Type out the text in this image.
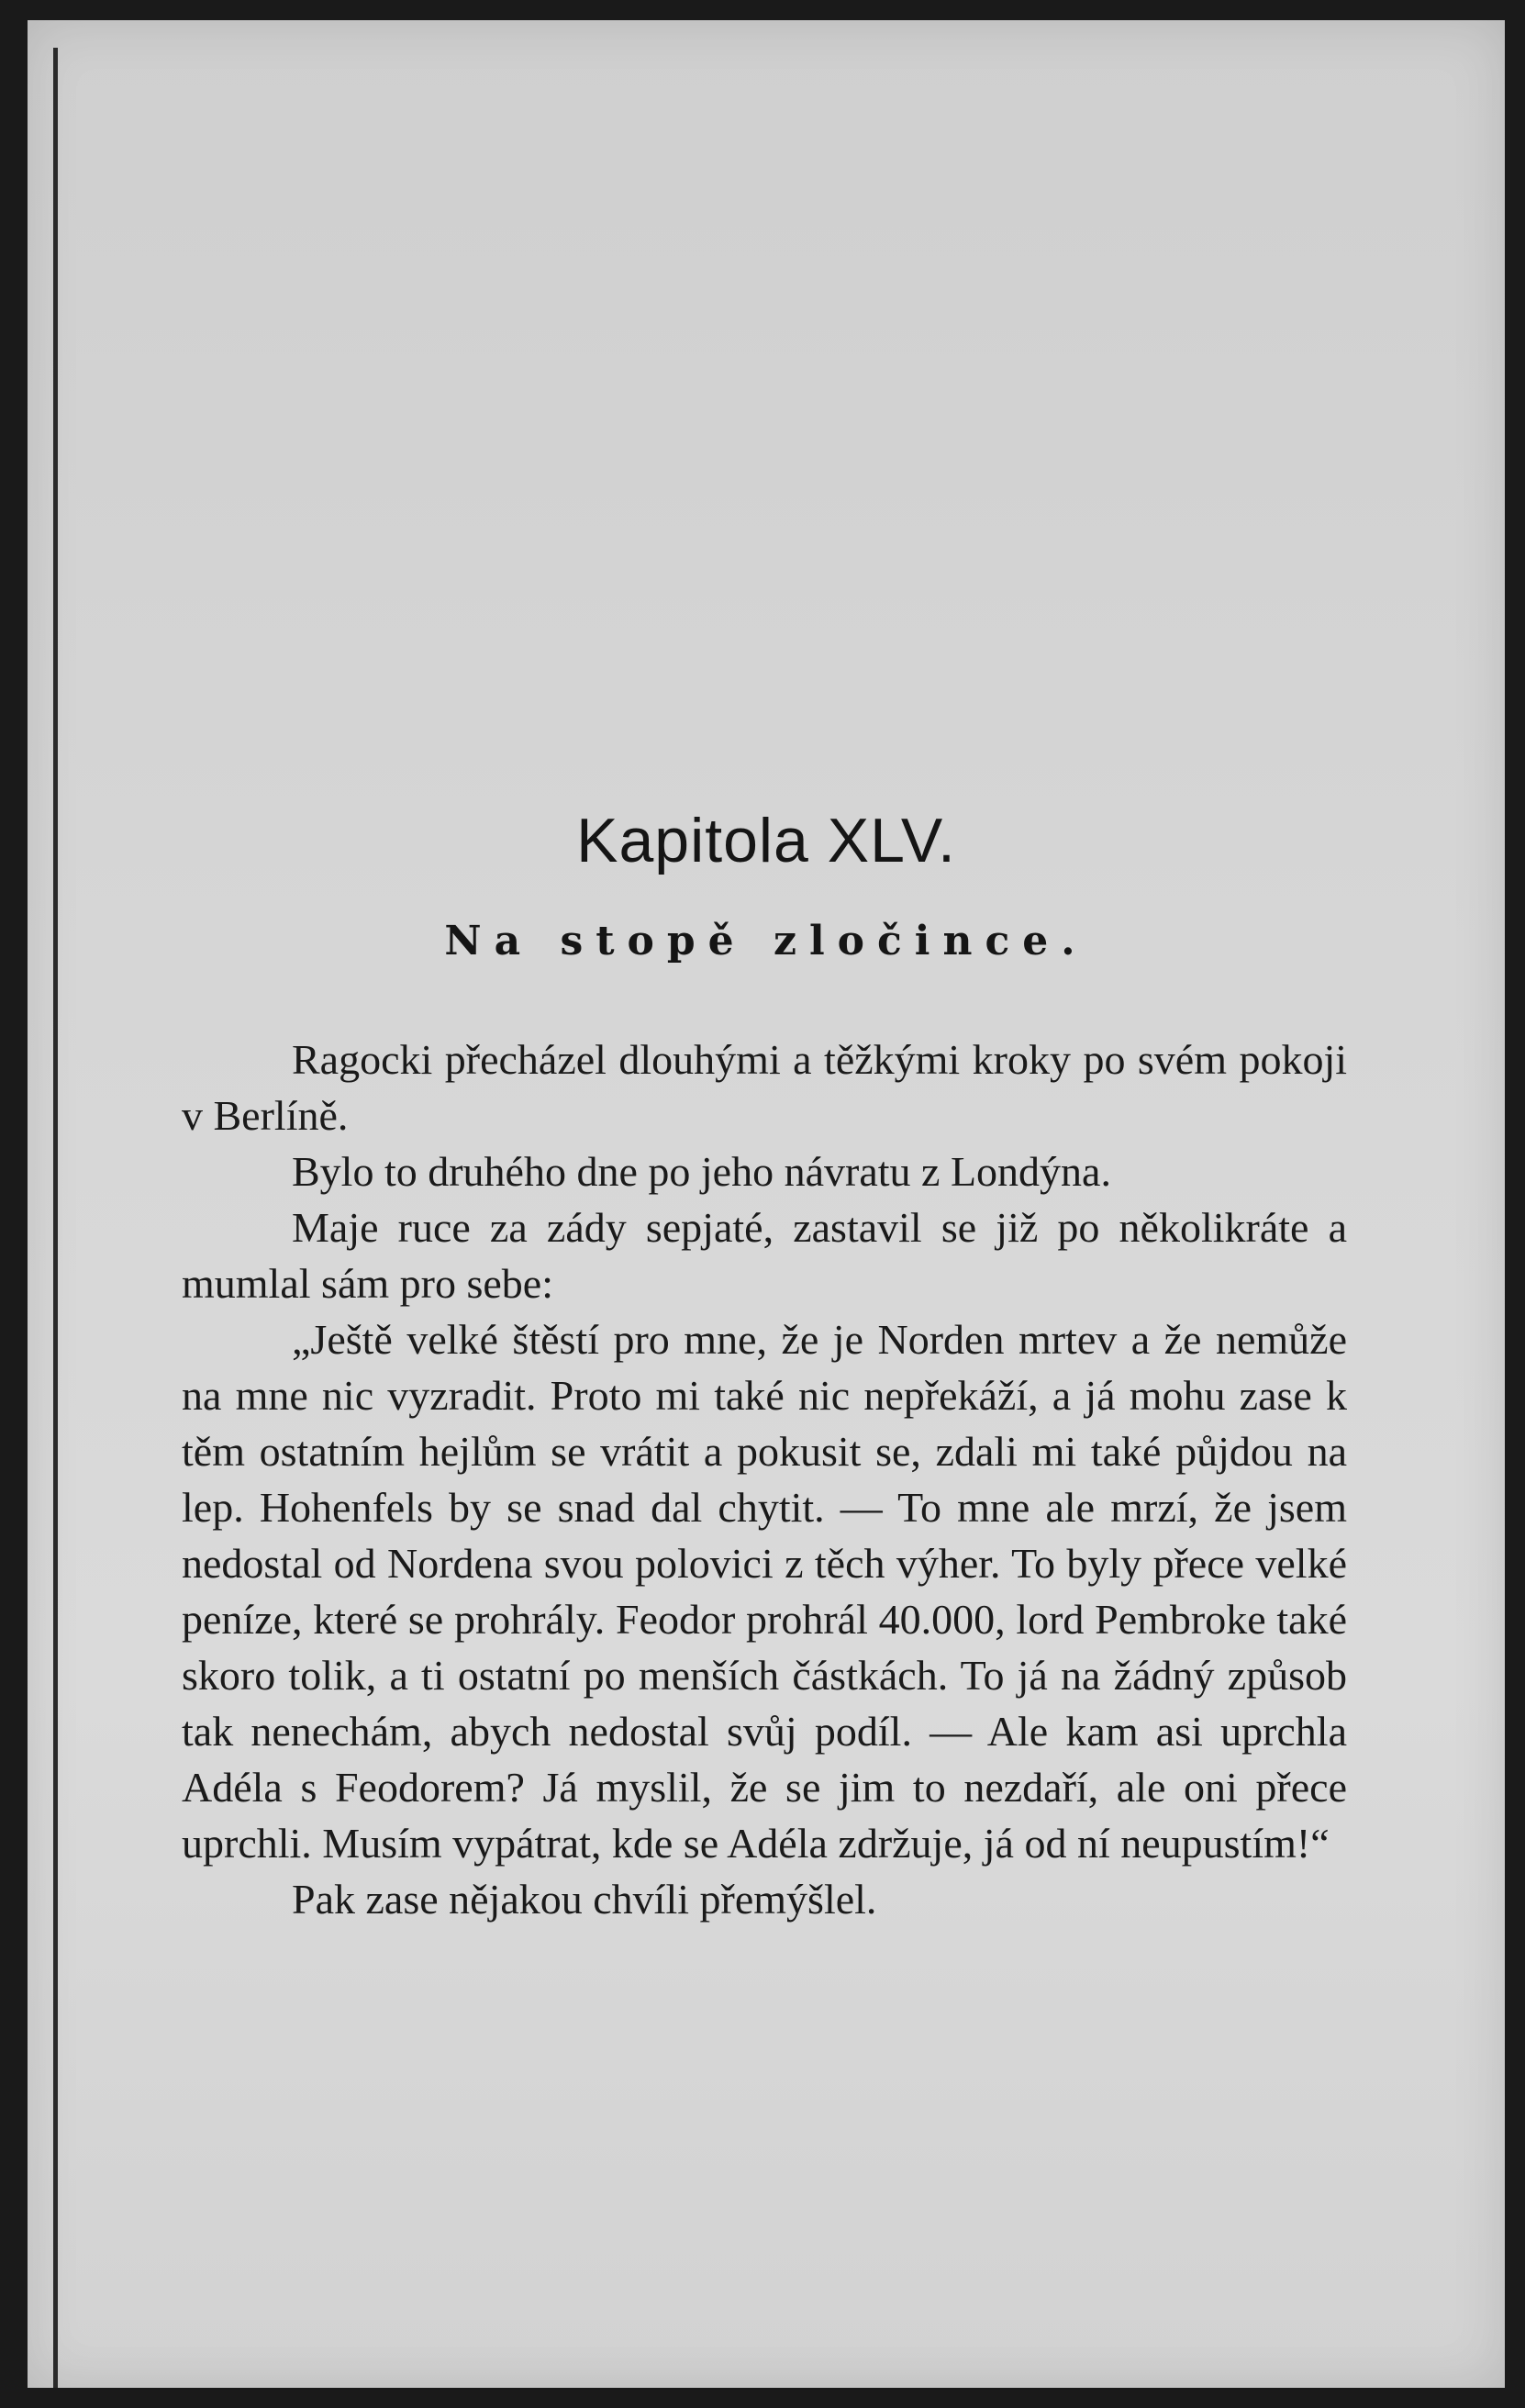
Kapitola XLV.
Na stopě zločince.

Ragocki přecházel dlouhými a těžkými kroky po svém pokoji v Berlíně.

Bylo to druhého dne po jeho návratu z Londýna.

Maje ruce za zády sepjaté, zastavil se již po několikráte a mumlal sám pro sebe:

„Ještě velké štěstí pro mne, že je Norden mrtev a že nemůže na mne nic vyzradit. Proto mi také nic nepřekáží, a já mohu zase k těm ostatním hejlům se vrátit a pokusit se, zdali mi také půjdou na lep. Hohenfels by se snad dal chytit. — To mne ale mrzí, že jsem nedostal od Nordena svou polovici z těch výher. To byly přece velké peníze, které se prohrály. Feodor prohrál 40.000, lord Pembroke také skoro tolik, a ti ostatní po menších částkách. To já na žádný způsob tak nenechám, abych nedostal svůj podíl. — Ale kam asi uprchla Adéla s Feodorem? Já myslil, že se jim to nezdaří, ale oni přece uprchli. Musím vypátrat, kde se Adéla zdržuje, já od ní neupustím!“

Pak zase nějakou chvíli přemýšlel.
